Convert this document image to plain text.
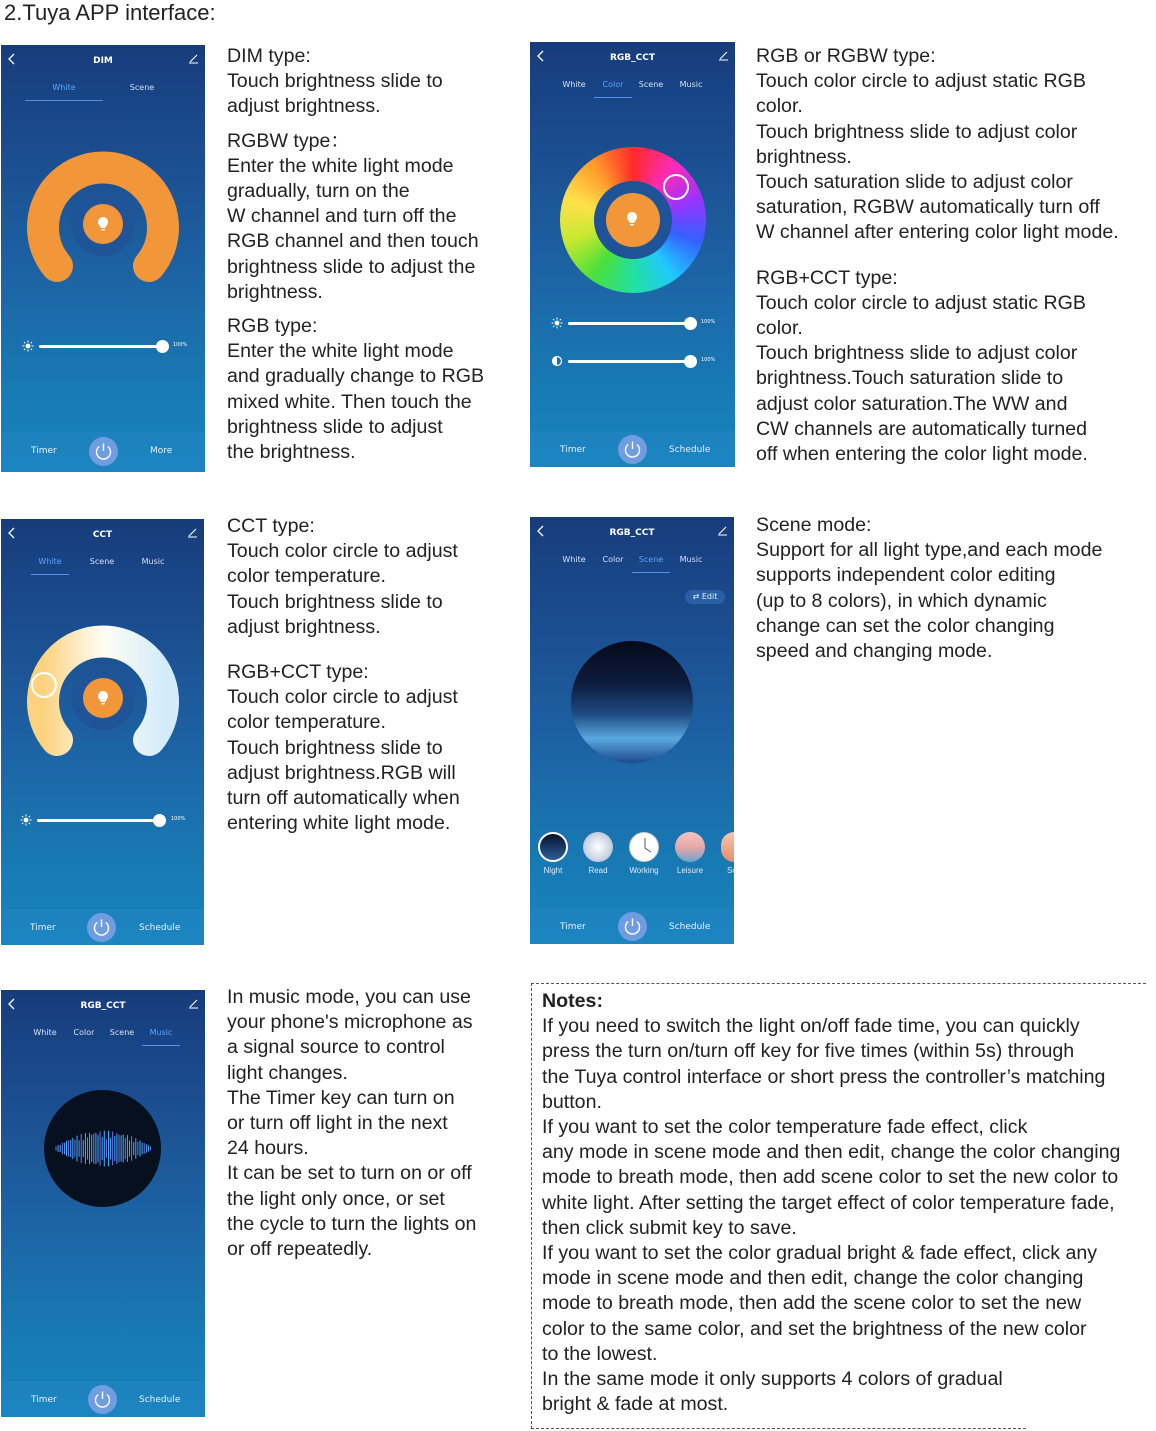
2.Tuya APP interface:
DIM
White	Scene
100%
Timer	More

DIM type:

Touch brightness slide to

adjust brightness.

RGBW type：

Enter the white light mode

gradually, turn on the

W channel and turn off the

RGB channel and then touch

brightness slide to adjust the

brightness.

RGB type:

Enter the white light mode

and gradually change to RGB

mixed white. Then touch the

brightness slide to adjust

the brightness.

RGB_CCT
White Color Scene Music
100%
100%
Timer	Schedule

RGB or RGBW type:

Touch color circle to adjust static RGB

color.

Touch brightness slide to adjust color

brightness.

Touch saturation slide to adjust color

saturation, RGBW automatically turn off

W channel after entering color light mode.

RGB+CCT type:

Touch color circle to adjust static RGB

color.

Touch brightness slide to adjust color

brightness.Touch saturation slide to

adjust color saturation.The WW and

CW channels are automatically turned

off when entering the color light mode.

CCT
White	Scene	Music
100%
Timer	Schedule

CCT type:

Touch color circle to adjust

color temperature.

Touch brightness slide to

adjust brightness.

RGB+CCT type:

Touch color circle to adjust

color temperature.

Touch brightness slide to

adjust brightness.RGB will

turn off automatically when

entering white light mode.

RGB_CCT
White Color Scene Music
⇄ Edit
Timer	Schedule
Night	Read	Working Leisure	Sc

Scene mode:

Support for all light type,and each mode

supports independent color editing

(up to 8 colors), in which dynamic

change can set the color changing

speed and changing mode.

RGB_CCT
White Color Scene Music
Timer	Schedule

In music mode, you can use

your phone's microphone as

a signal source to control

light changes.

The Timer key can turn on

or turn off light in the next

24 hours.

It can be set to turn on or off

the light only once, or set

the cycle to turn the lights on

or off repeatedly.

Notes:

If you need to switch the light on/off fade time, you can quickly

press the turn on/turn off key for five times (within 5s) through

the Tuya control interface or short press the controller’s matching

button.

If you want to set the color temperature fade effect, click

any mode in scene mode and then edit, change the color changing

mode to breath mode, then add scene color to set the new color to

white light. After setting the target effect of color temperature fade,

then click submit key to save.

If you want to set the color gradual bright & fade effect, click any

mode in scene mode and then edit, change the color changing

mode to breath mode, then add the scene color to set the new

color to the same color, and set the brightness of the new color

to the lowest.

In the same mode it only supports 4 colors of gradual

bright & fade at most.
